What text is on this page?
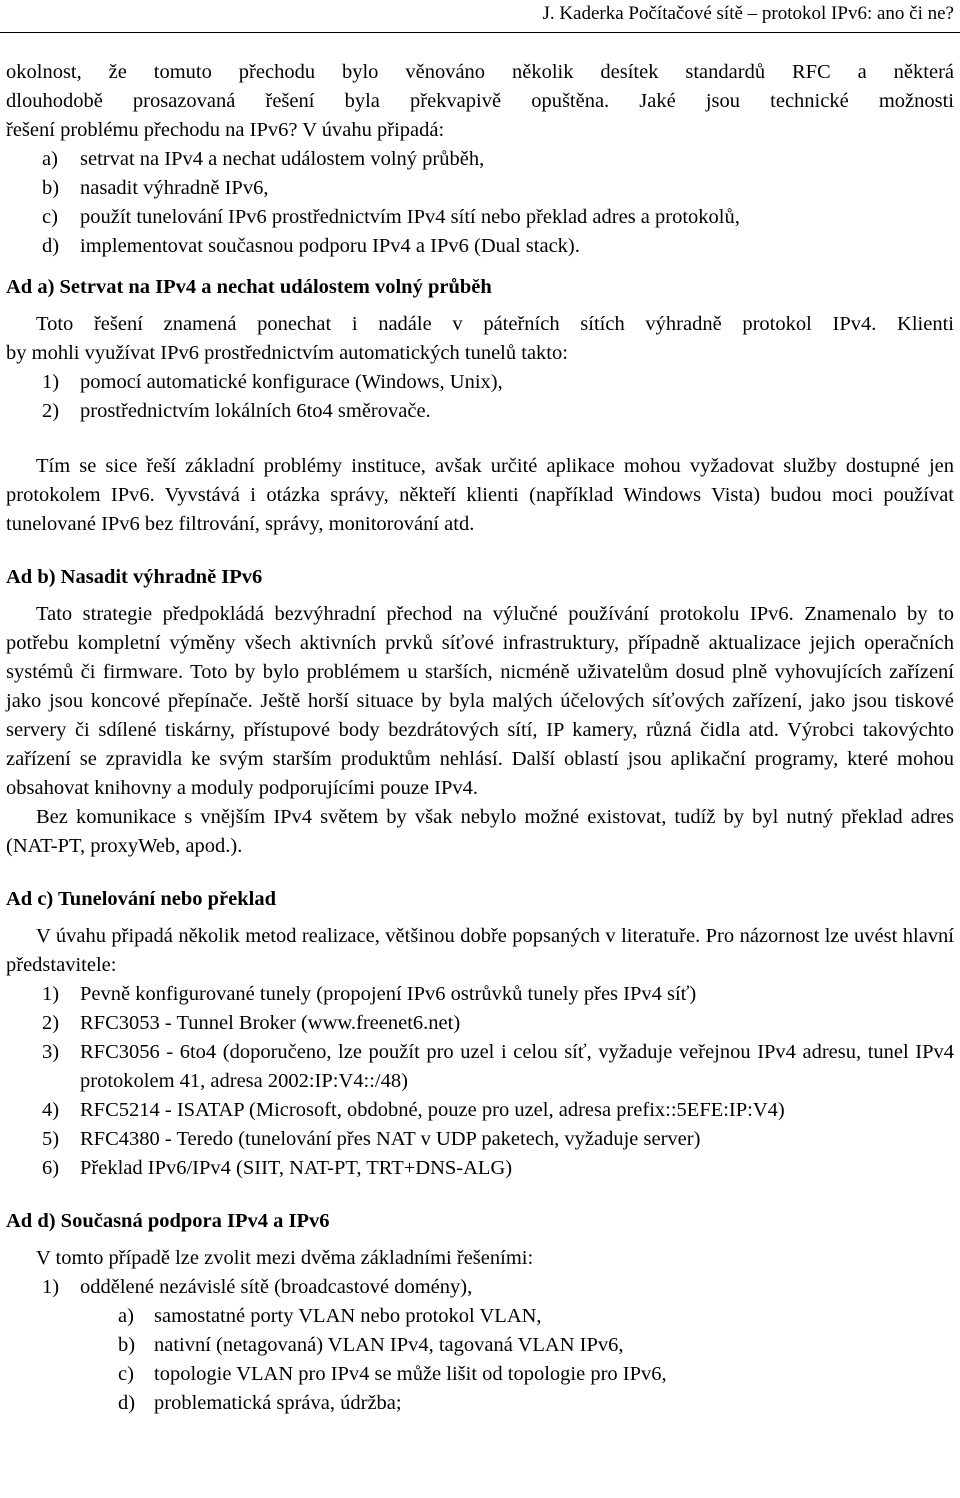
J. Kaderka Počítačové sítě – protokol IPv6: ano či ne?

okolnost, že tomuto přechodu bylo věnováno několik desítek standardů RFC a některá

dlouhodobě prosazovaná řešení byla překvapivě opuštěna. Jaké jsou technické možnosti

řešení problému přechodu na IPv6? V úvahu připadá:

a) setrvat na IPv4 a nechat událostem volný průběh,
b) nasadit výhradně IPv6,
c) použít tunelování IPv6 prostřednictvím IPv4 sítí nebo překlad adres a protokolů,
d) implementovat současnou podporu IPv4 a IPv6 (Dual stack).
Ad a) Setrvat na IPv4 a nechat událostem volný průběh

Toto řešení znamená ponechat i nadále v páteřních sítích výhradně protokol IPv4. Klienti

by mohli využívat IPv6 prostřednictvím automatických tunelů takto:

1) pomocí automatické konfigurace (Windows, Unix),
2) prostřednictvím lokálních 6to4 směrovače.

Tím se sice řeší základní problémy instituce, avšak určité aplikace mohou vyžadovat služby dostupné jen protokolem IPv6. Vyvstává i otázka správy, někteří klienti (například Windows Vista) budou moci používat tunelované IPv6 bez filtrování, správy, monitorování atd.

Ad b) Nasadit výhradně IPv6

Tato strategie předpokládá bezvýhradní přechod na výlučné používání protokolu IPv6. Znamenalo by to potřebu kompletní výměny všech aktivních prvků síťové infrastruktury, případně aktualizace jejich operačních systémů či firmware. Toto by bylo problémem u starších, nicméně uživatelům dosud plně vyhovujících zařízení jako jsou koncové přepínače. Ještě horší situace by byla malých účelových síťových zařízení, jako jsou tiskové servery či sdílené tiskárny, přístupové body bezdrátových sítí, IP kamery, různá čidla atd. Výrobci takovýchto zařízení se zpravidla ke svým starším produktům nehlásí. Další oblastí jsou aplikační programy, které mohou obsahovat knihovny a moduly podporujícími pouze IPv4.

Bez komunikace s vnějším IPv4 světem by však nebylo možné existovat, tudíž by byl nutný překlad adres (NAT-PT, proxyWeb, apod.).

Ad c) Tunelování nebo překlad

V úvahu připadá několik metod realizace, většinou dobře popsaných v literatuře. Pro názornost lze uvést hlavní představitele:

1) Pevně konfigurované tunely (propojení IPv6 ostrůvků tunely přes IPv4 síť)
2) RFC3053 - Tunnel Broker (www.freenet6.net)
3) RFC3056 - 6to4 (doporučeno, lze použít pro uzel i celou síť, vyžaduje veřejnou IPv4 adresu, tunel IPv4 protokolem 41, adresa 2002:IP:V4::/48)
4) RFC5214 - ISATAP (Microsoft, obdobné, pouze pro uzel, adresa prefix::5EFE:IP:V4)
5) RFC4380 - Teredo (tunelování přes NAT v UDP paketech, vyžaduje server)
6) Překlad IPv6/IPv4 (SIIT, NAT-PT, TRT+DNS-ALG)
Ad d) Současná podpora IPv4 a IPv6

V tomto případě lze zvolit mezi dvěma základními řešeními:

1) oddělené nezávislé sítě (broadcastové domény),
a) samostatné porty VLAN nebo protokol VLAN,
b) nativní (netagovaná) VLAN IPv4, tagovaná VLAN IPv6,
c) topologie VLAN pro IPv4 se může lišit od topologie pro IPv6,
d) problematická správa, údržba;
